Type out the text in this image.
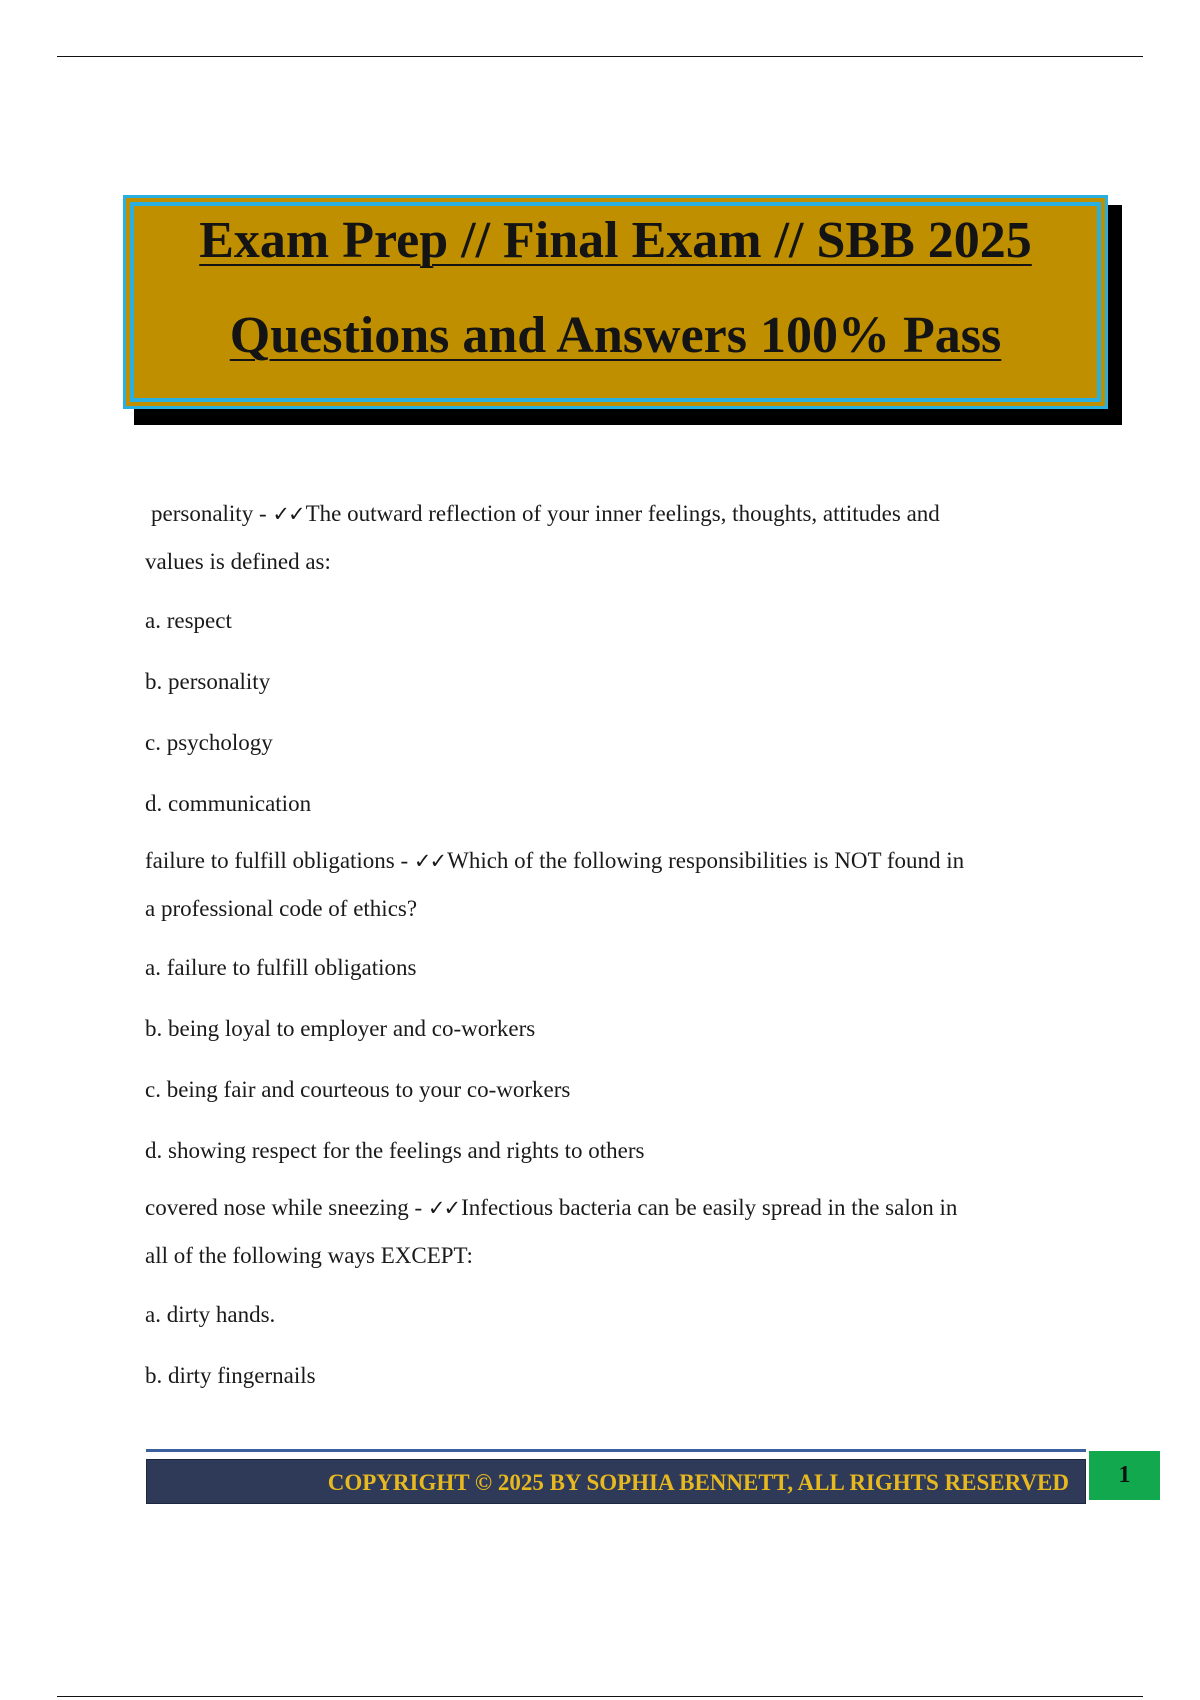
Exam Prep // Final Exam // SBB 2025
Questions and Answers 100% Pass

personality - ✓✓The outward reflection of your inner feelings, thoughts, attitudes and
values is defined as:

a. respect

b. personality

c. psychology

d. communication

failure to fulfill obligations - ✓✓Which of the following responsibilities is NOT found in
a professional code of ethics?

a. failure to fulfill obligations

b. being loyal to employer and co-workers

c. being fair and courteous to your co-workers

d. showing respect for the feelings and rights to others

covered nose while sneezing - ✓✓Infectious bacteria can be easily spread in the salon in
all of the following ways EXCEPT:

a. dirty hands.

b. dirty fingernails

COPYRIGHT © 2025 BY SOPHIA BENNETT, ALL RIGHTS RESERVED	1
